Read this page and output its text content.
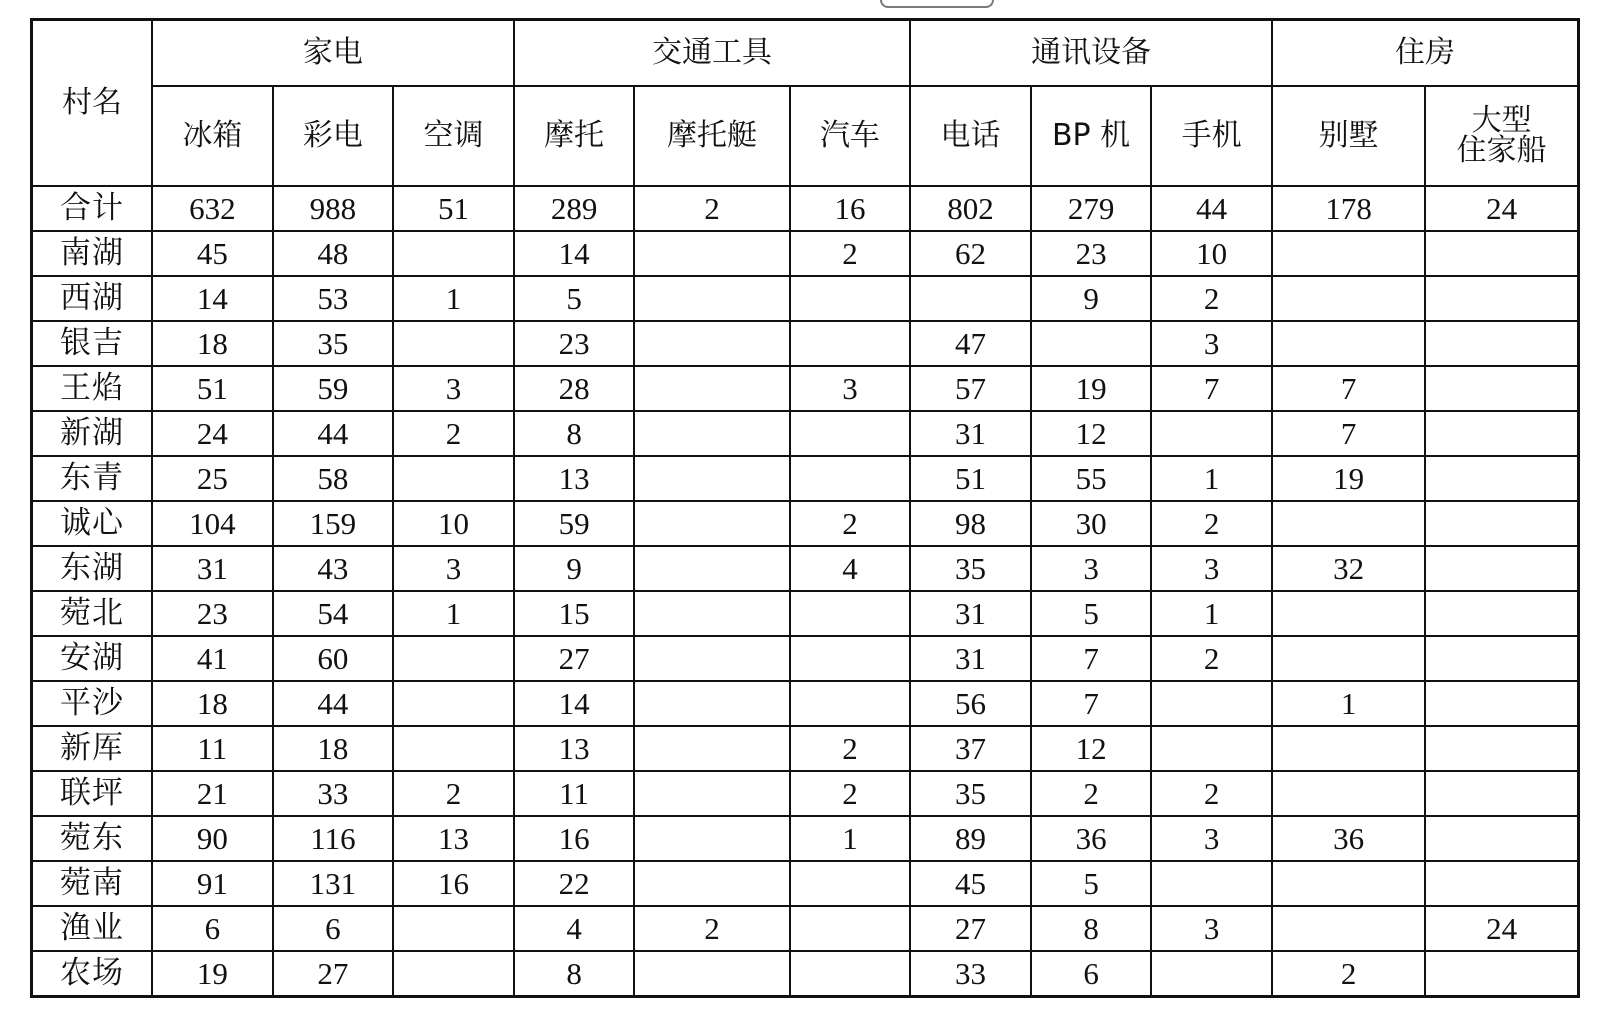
村名	家电			交通工具			通讯设备			住房	
	冰箱	彩电	空调	摩托	摩托艇	汽车	电话	BP 机	手机	别墅	大型
住家船

合计	632	988	51	289	2	16	802	279	44	178	24
南湖	45	48		14		2	62	23	10		
西湖	14	53	1	5				9	2		
银吉	18	35		23			47		3		
王焰	51	59	3	28		3	57	19	7	7	
新湖	24	44	2	8			31	12		7	
东青	25	58		13			51	55	1	19	
诚心	104	159	10	59		2	98	30	2		
东湖	31	43	3	9		4	35	3	3	32	
菀北	23	54	1	15			31	5	1		
安湖	41	60		27			31	7	2		
平沙	18	44		14			56	7		1	
新厍	11	18		13		2	37	12			
联坪	21	33	2	11		2	35	2	2		
菀东	90	116	13	16		1	89	36	3	36	
菀南	91	131	16	22			45	5			
渔业	6	6		4	2		27	8	3		24
农场	19	27		8			33	6		2	
